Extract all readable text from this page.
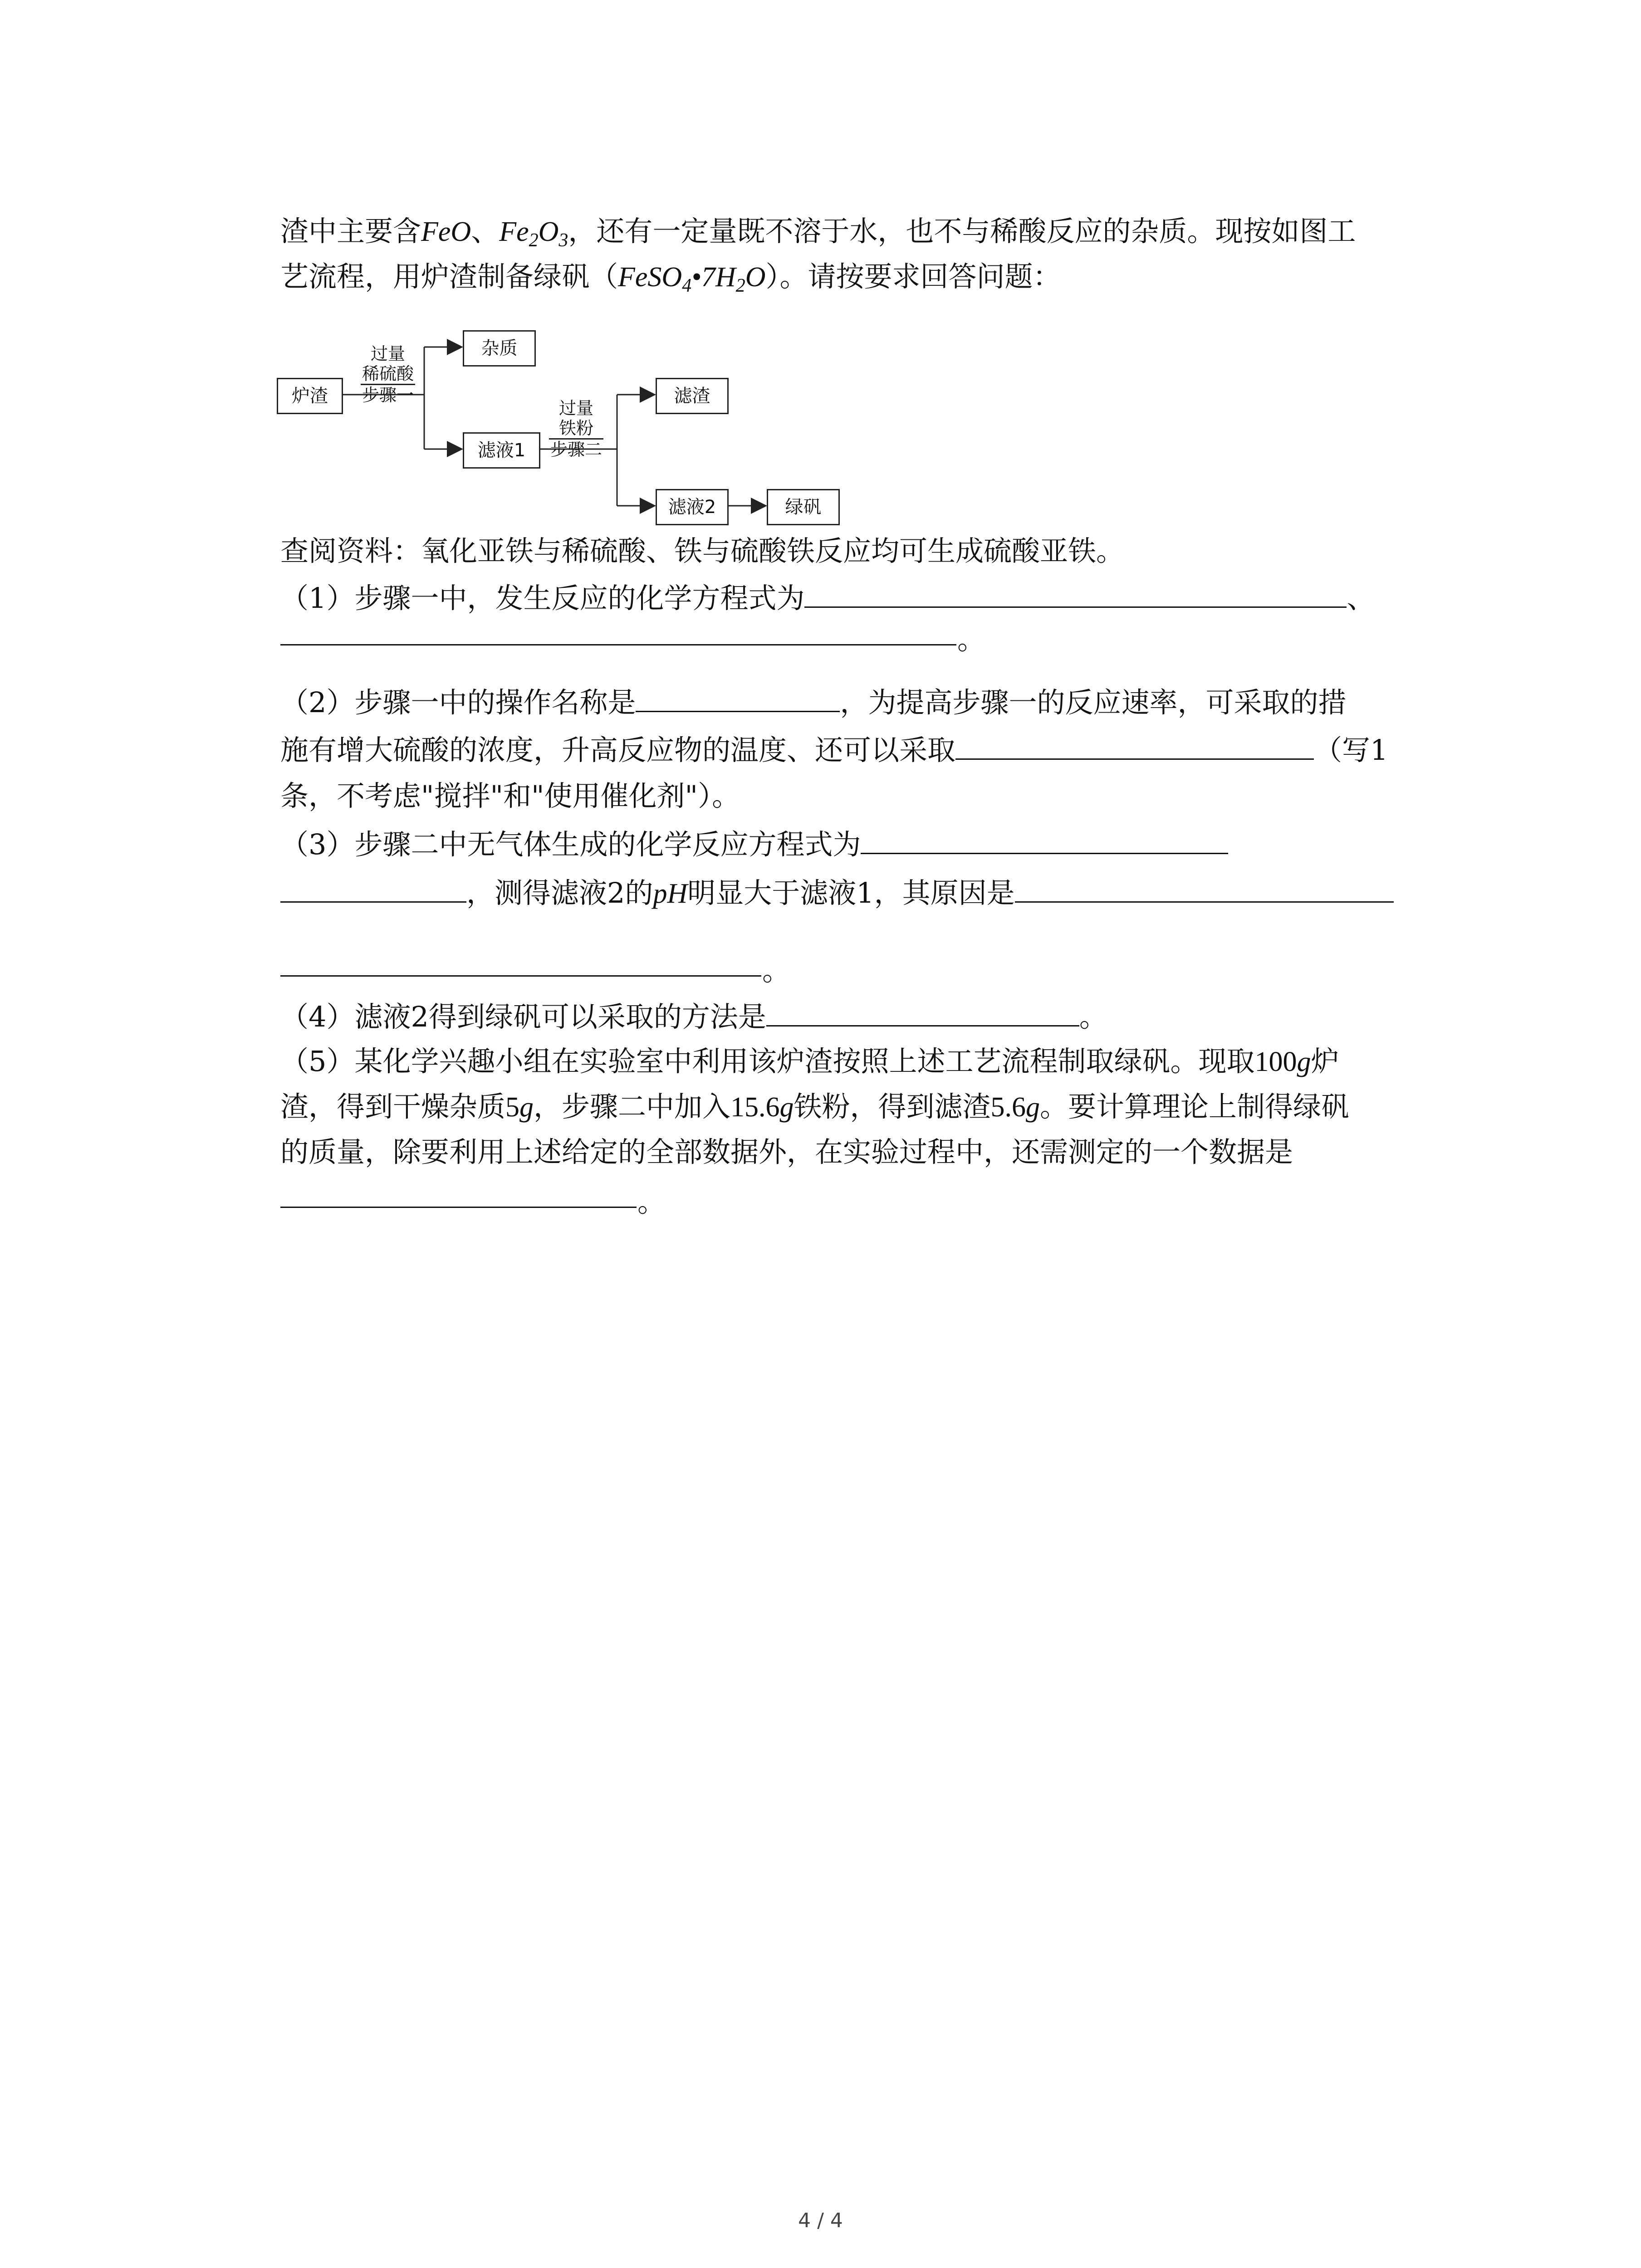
渣中主要含FeO、$Fe_2O_3$，还有一定量既不溶于水，也不与稀酸反应的杂质。现按如图工
艺流程，用炉渣制备绿矾$(FeSO_4•7H_2O)$。请按要求回答问题：
炉渣
杂质
滤液1
滤渣
滤液2	绿矾
过量
稀硫酸
步骤一
过量
铁粉
步骤二
查阅资料：氧化亚铁与稀硫酸、铁与硫酸铁反应均可生成硫酸亚铁。
（1）步骤一中，发生反应的化学方程式为	、
。
（2）步骤一中的操作名称是	，为提高步骤一的反应速率，可采取的措
施有增大硫酸的浓度，升高反应物的温度、还可以采取	（写1
条，不考虑"搅拌"和"使用催化剂"）。
（3）步骤二中无气体生成的化学反应方程式为
，测得滤液2的pH明显大于滤液1，其原因是
。
（4）滤液2得到绿矾可以采取的方法是	。
（5）某化学兴趣小组在实验室中利用该炉渣按照上述工艺流程制取绿矾。现取100g炉
渣，得到干燥杂质5g，步骤二中加入15.6g铁粉，得到滤渣5.6g。要计算理论上制得绿矾
的质量，除要利用上述给定的全部数据外，在实验过程中，还需测定的一个数据是
。
4 / 4
